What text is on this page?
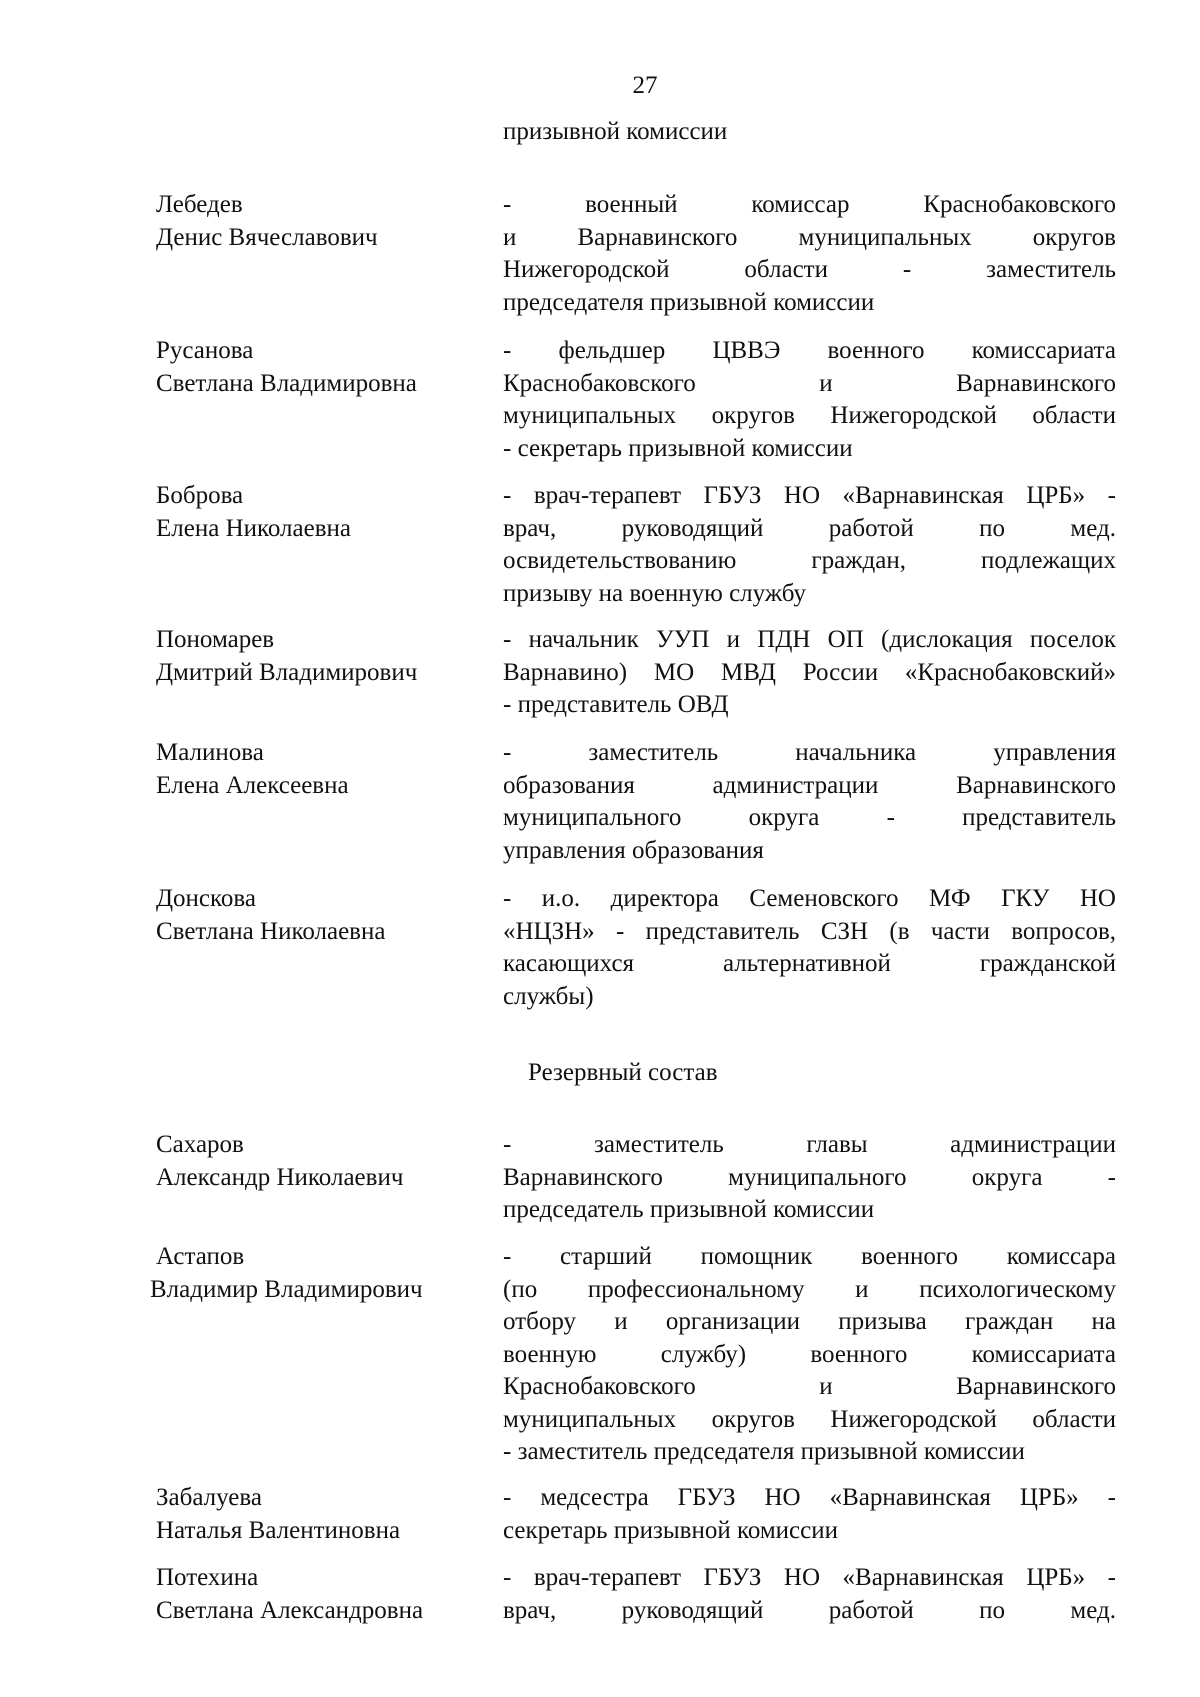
27
призывной комиссии
Лебедев
Денис Вячеславович
- военный комиссар Краснобаковского
и Варнавинского муниципальных округов
Нижегородской области - заместитель
председателя призывной комиссии
Русанова
Светлана Владимировна
- фельдшер ЦВВЭ военного комиссариата
Краснобаковского и Варнавинского
муниципальных округов Нижегородской области
- секретарь призывной комиссии
Боброва
Елена Николаевна
- врач-терапевт ГБУЗ НО «Варнавинская ЦРБ» -
врач, руководящий работой по мед.
освидетельствованию граждан, подлежащих
призыву на военную службу
Пономарев
Дмитрий Владимирович
- начальник УУП и ПДН ОП (дислокация поселок
Варнавино) МО МВД России «Краснобаковский»
- представитель ОВД
Малинова
Елена Алексеевна
- заместитель начальника управления
образования администрации Варнавинского
муниципального округа - представитель
управления образования
Донскова
Светлана Николаевна
- и.о. директора Семеновского МФ ГКУ НО
«НЦЗН» - представитель СЗН (в части вопросов,
касающихся альтернативной гражданской
службы)
Резервный состав
Сахаров
Александр Николаевич
- заместитель главы администрации
Варнавинского муниципального округа -
председатель призывной комиссии
Астапов
Владимир Владимирович
- старший помощник военного комиссара
(по профессиональному и психологическому
отбору и организации призыва граждан на
военную службу) военного комиссариата
Краснобаковского и Варнавинского
муниципальных округов Нижегородской области
- заместитель председателя призывной комиссии
Забалуева
Наталья Валентиновна
- медсестра ГБУЗ НО «Варнавинская ЦРБ» -
секретарь призывной комиссии
Потехина
Светлана Александровна
- врач-терапевт ГБУЗ НО «Варнавинская ЦРБ» -
врач, руководящий работой по мед.
